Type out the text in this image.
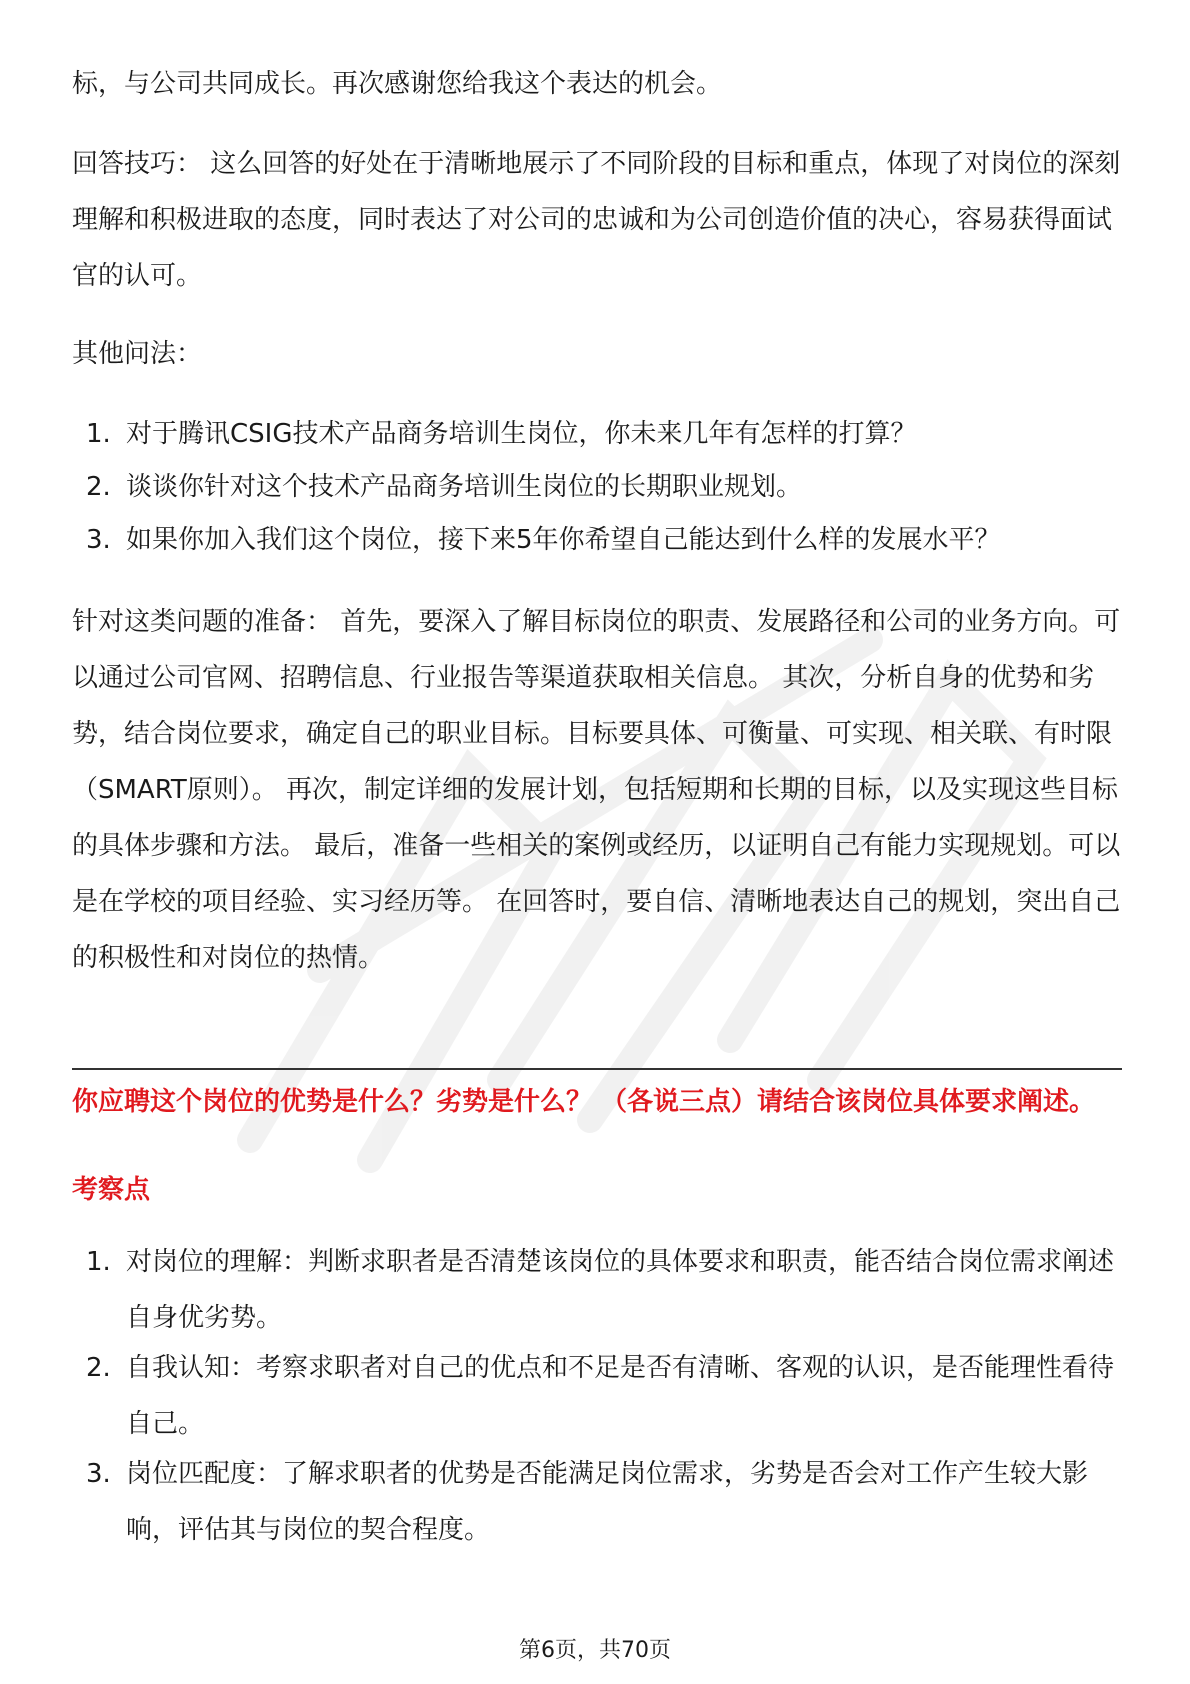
标，与公司共同成长。再次感谢您给我这个表达的机会。

回答技巧： 这么回答的好处在于清晰地展示了不同阶段的目标和重点，体现了对岗位的深刻理解和积极进取的态度，同时表达了对公司的忠诚和为公司创造价值的决心，容易获得面试官的认可。

其他问法：

1. 对于腾讯CSIG技术产品商务培训生岗位，你未来几年有怎样的打算？

2. 谈谈你针对这个技术产品商务培训生岗位的长期职业规划。

3. 如果你加入我们这个岗位，接下来5年你希望自己能达到什么样的发展水平？

针对这类问题的准备： 首先，要深入了解目标岗位的职责、发展路径和公司的业务方向。可以通过公司官网、招聘信息、行业报告等渠道获取相关信息。 其次，分析自身的优势和劣势，结合岗位要求，确定自己的职业目标。目标要具体、可衡量、可实现、相关联、有时限（SMART原则）。 再次，制定详细的发展计划，包括短期和长期的目标，以及实现这些目标的具体步骤和方法。 最后，准备一些相关的案例或经历，以证明自己有能力实现规划。可以是在学校的项目经验、实习经历等。 在回答时，要自信、清晰地表达自己的规划，突出自己的积极性和对岗位的热情。

你应聘这个岗位的优势是什么？劣势是什么？ （各说三点）请结合该岗位具体要求阐述。

考察点

1. 对岗位的理解：判断求职者是否清楚该岗位的具体要求和职责，能否结合岗位需求阐述自身优劣势。

2. 自我认知：考察求职者对自己的优点和不足是否有清晰、客观的认识，是否能理性看待自己。

3. 岗位匹配度：了解求职者的优势是否能满足岗位需求，劣势是否会对工作产生较大影响，评估其与岗位的契合程度。

第6页，共70页
